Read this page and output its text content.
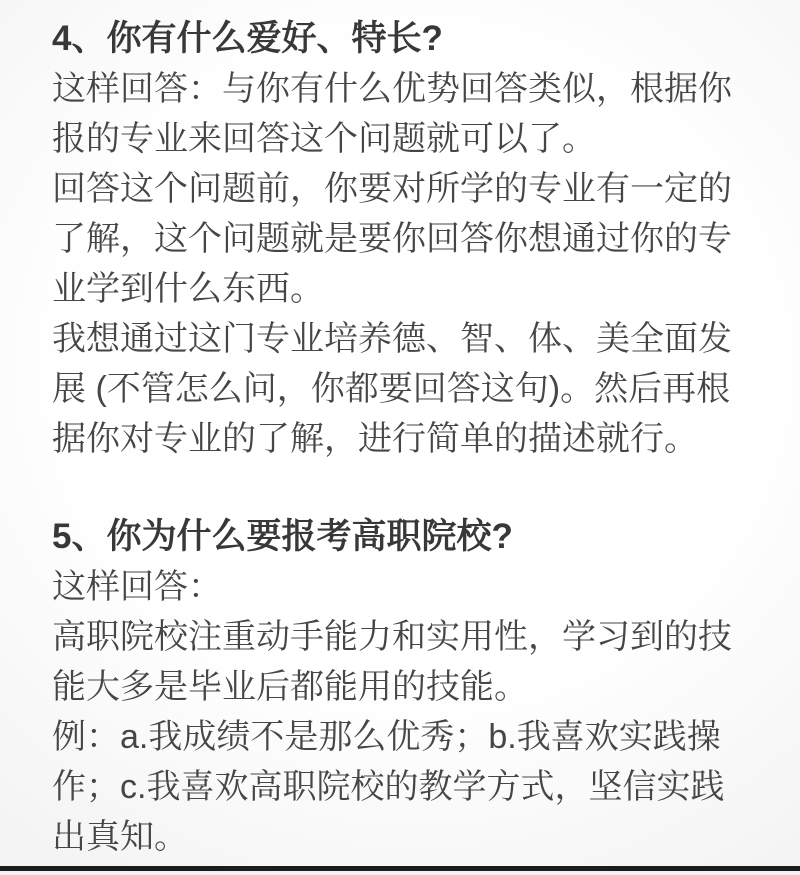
4、你有什么爱好、特长?

这样回答：与你有什么优势回答类似，根据你报的专业来回答这个问题就可以了。

回答这个问题前，你要对所学的专业有一定的了解，这个问题就是要你回答你想通过你的专业学到什么东西。

我想通过这门专业培养德、智、体、美全面发展 (不管怎么问，你都要回答这句)。然后再根据你对专业的了解，进行简单的描述就行。

5、你为什么要报考高职院校?

这样回答：

高职院校注重动手能力和实用性，学习到的技能大多是毕业后都能用的技能。

例：a.我成绩不是那么优秀；b.我喜欢实践操作；c.我喜欢高职院校的教学方式，坚信实践出真知。
